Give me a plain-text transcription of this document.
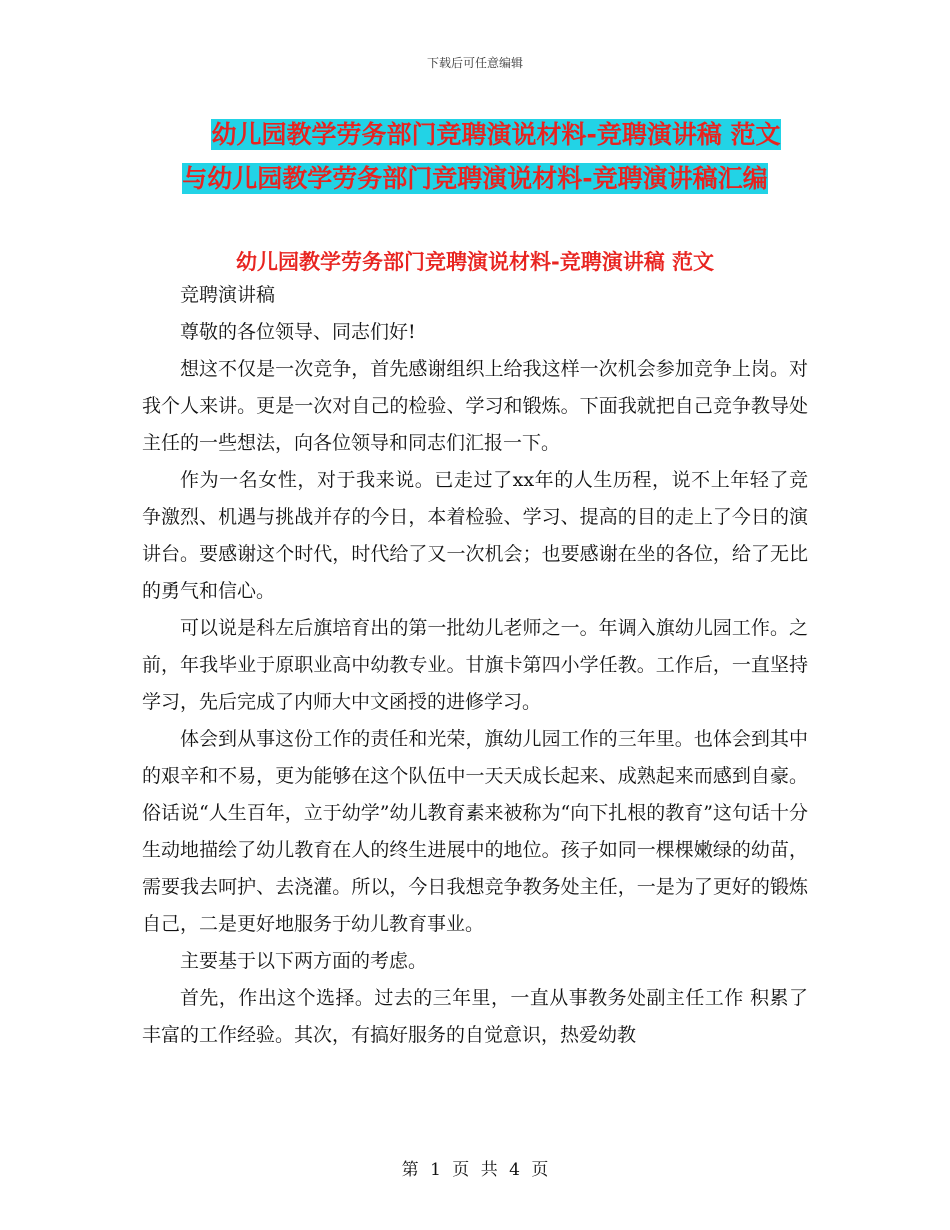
下载后可任意编辑
幼儿园教学劳务部门竞聘演说材料-竞聘演讲稿 范文
与幼儿园教学劳务部门竞聘演说材料-竞聘演讲稿汇编
幼儿园教学劳务部门竞聘演说材料-竞聘演讲稿 范文
竞聘演讲稿

尊敬的各位领导、同志们好!

想这不仅是一次竞争，首先感谢组织上给我这样一次机会参加竞争上岗。对我个人来讲。更是一次对自己的检验、学习和锻炼。下面我就把自己竞争教导处主任的一些想法，向各位领导和同志们汇报一下。

作为一名女性，对于我来说。已走过了xx年的人生历程，说不上年轻了竞争激烈、机遇与挑战并存的今日，本着检验、学习、提高的目的走上了今日的演讲台。要感谢这个时代，时代给了又一次机会；也要感谢在坐的各位，给了无比的勇气和信心。

可以说是科左后旗培育出的第一批幼儿老师之一。年调入旗幼儿园工作。之前，年我毕业于原职业高中幼教专业。甘旗卡第四小学任教。工作后，一直坚持学习，先后完成了内师大中文函授的进修学习。

体会到从事这份工作的责任和光荣，旗幼儿园工作的三年里。也体会到其中的艰辛和不易，更为能够在这个队伍中一天天成长起来、成熟起来而感到自豪。俗话说“人生百年，立于幼学”幼儿教育素来被称为“向下扎根的教育”这句话十分生动地描绘了幼儿教育在人的终生进展中的地位。孩子如同一棵棵嫩绿的幼苗，需要我去呵护、去浇灌。所以，今日我想竞争教务处主任，一是为了更好的锻炼自己，二是更好地服务于幼儿教育事业。

主要基于以下两方面的考虑。

首先，作出这个选择。过去的三年里，一直从事教务处副主任工作 积累了丰富的工作经验。其次，有搞好服务的自觉意识，热爱幼教

第 1 页 共 4 页
